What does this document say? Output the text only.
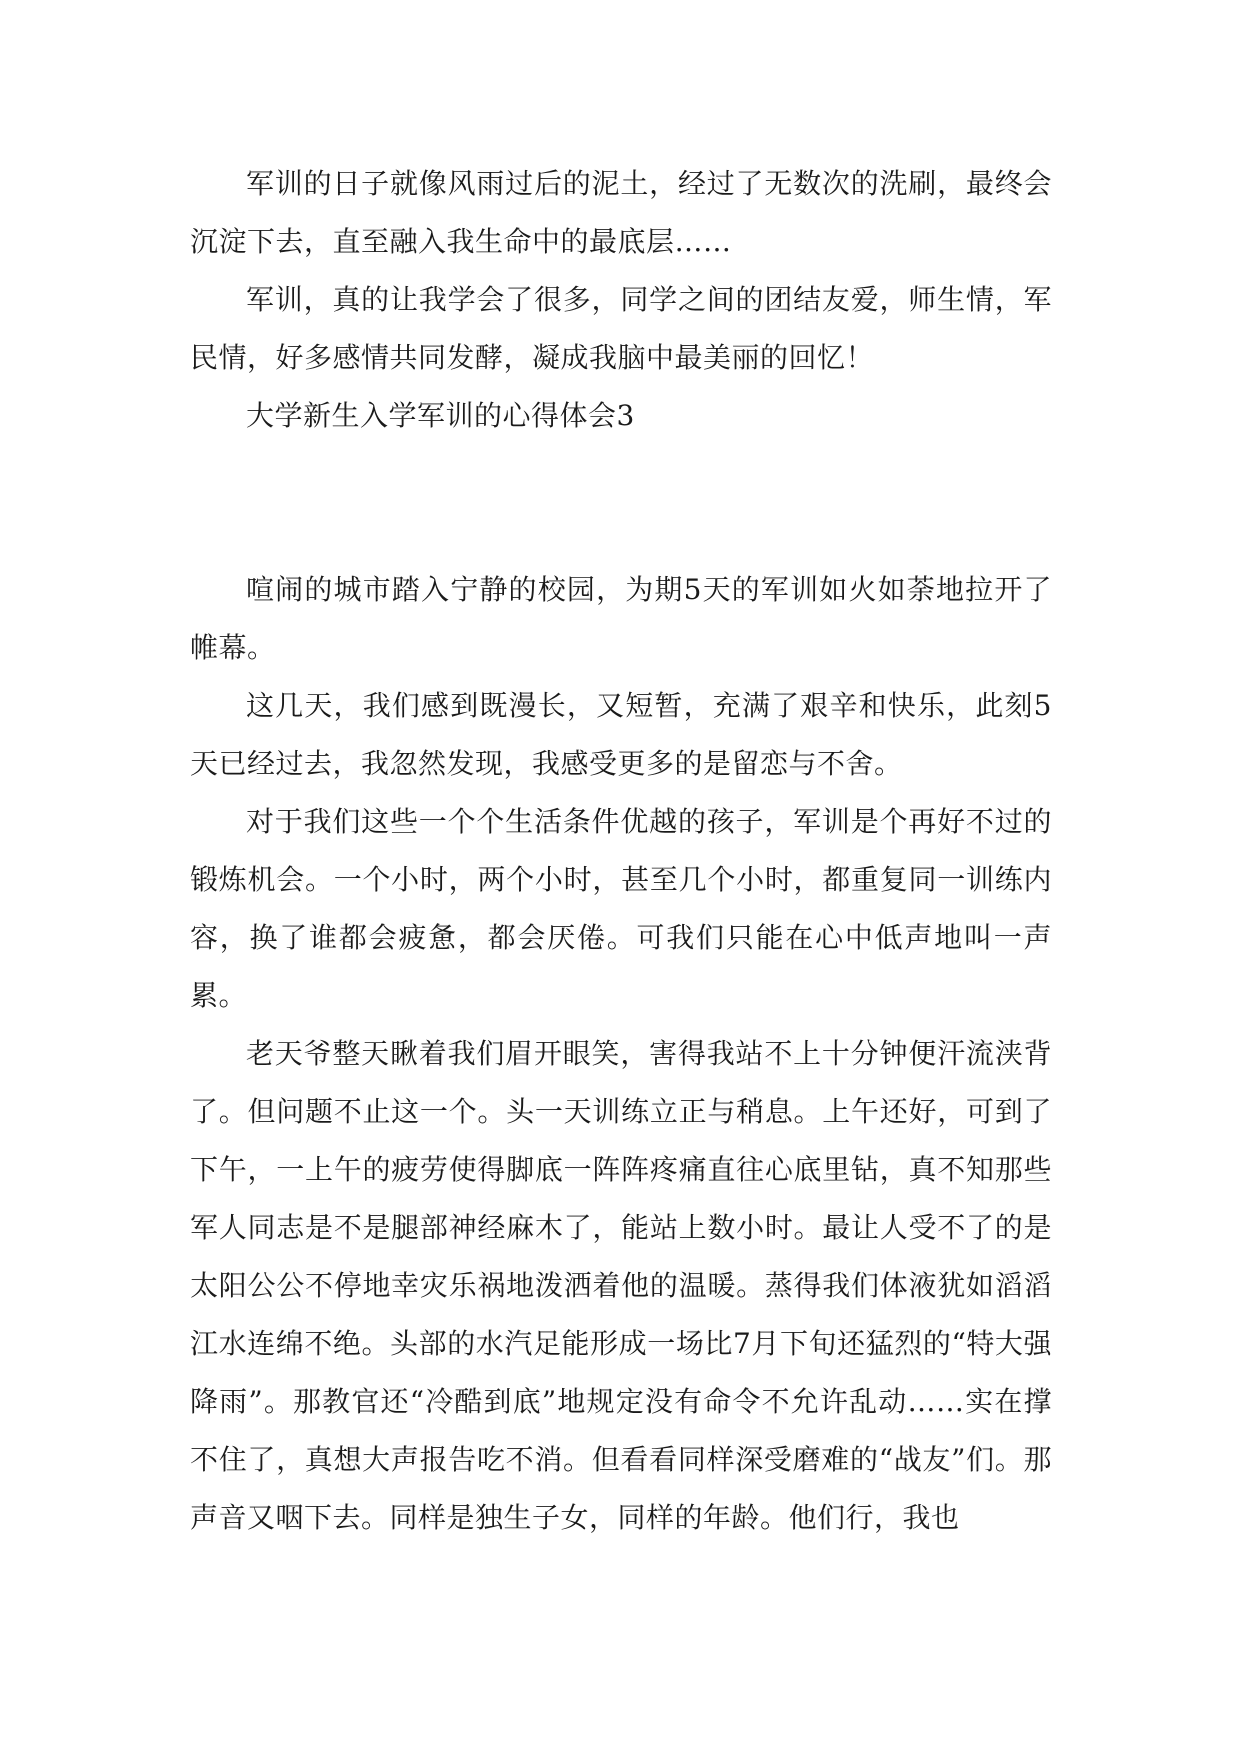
军训的日子就像风雨过后的泥土，经过了无数次的洗刷，最终会沉淀下去，直至融入我生命中的最底层……

军训，真的让我学会了很多，同学之间的团结友爱，师生情，军民情，好多感情共同发酵，凝成我脑中最美丽的回忆！

大学新生入学军训的心得体会3

喧闹的城市踏入宁静的校园，为期5天的军训如火如荼地拉开了帷幕。

这几天，我们感到既漫长，又短暂，充满了艰辛和快乐，此刻5天已经过去，我忽然发现，我感受更多的是留恋与不舍。

对于我们这些一个个生活条件优越的孩子，军训是个再好不过的锻炼机会。一个小时，两个小时，甚至几个小时，都重复同一训练内容，换了谁都会疲惫，都会厌倦。可我们只能在心中低声地叫一声累。

老天爷整天瞅着我们眉开眼笑，害得我站不上十分钟便汗流浃背了。但问题不止这一个。头一天训练立正与稍息。上午还好，可到了下午，一上午的疲劳使得脚底一阵阵疼痛直往心底里钻，真不知那些军人同志是不是腿部神经麻木了，能站上数小时。最让人受不了的是太阳公公不停地幸灾乐祸地泼洒着他的温暖。蒸得我们体液犹如滔滔江水连绵不绝。头部的水汽足能形成一场比7月下旬还猛烈的“特大强降雨”。那教官还“冷酷到底”地规定没有命令不允许乱动……实在撑不住了，真想大声报告吃不消。但看看同样深受磨难的“战友”们。那声音又咽下去。同样是独生子女，同样的年龄。他们行，我也
